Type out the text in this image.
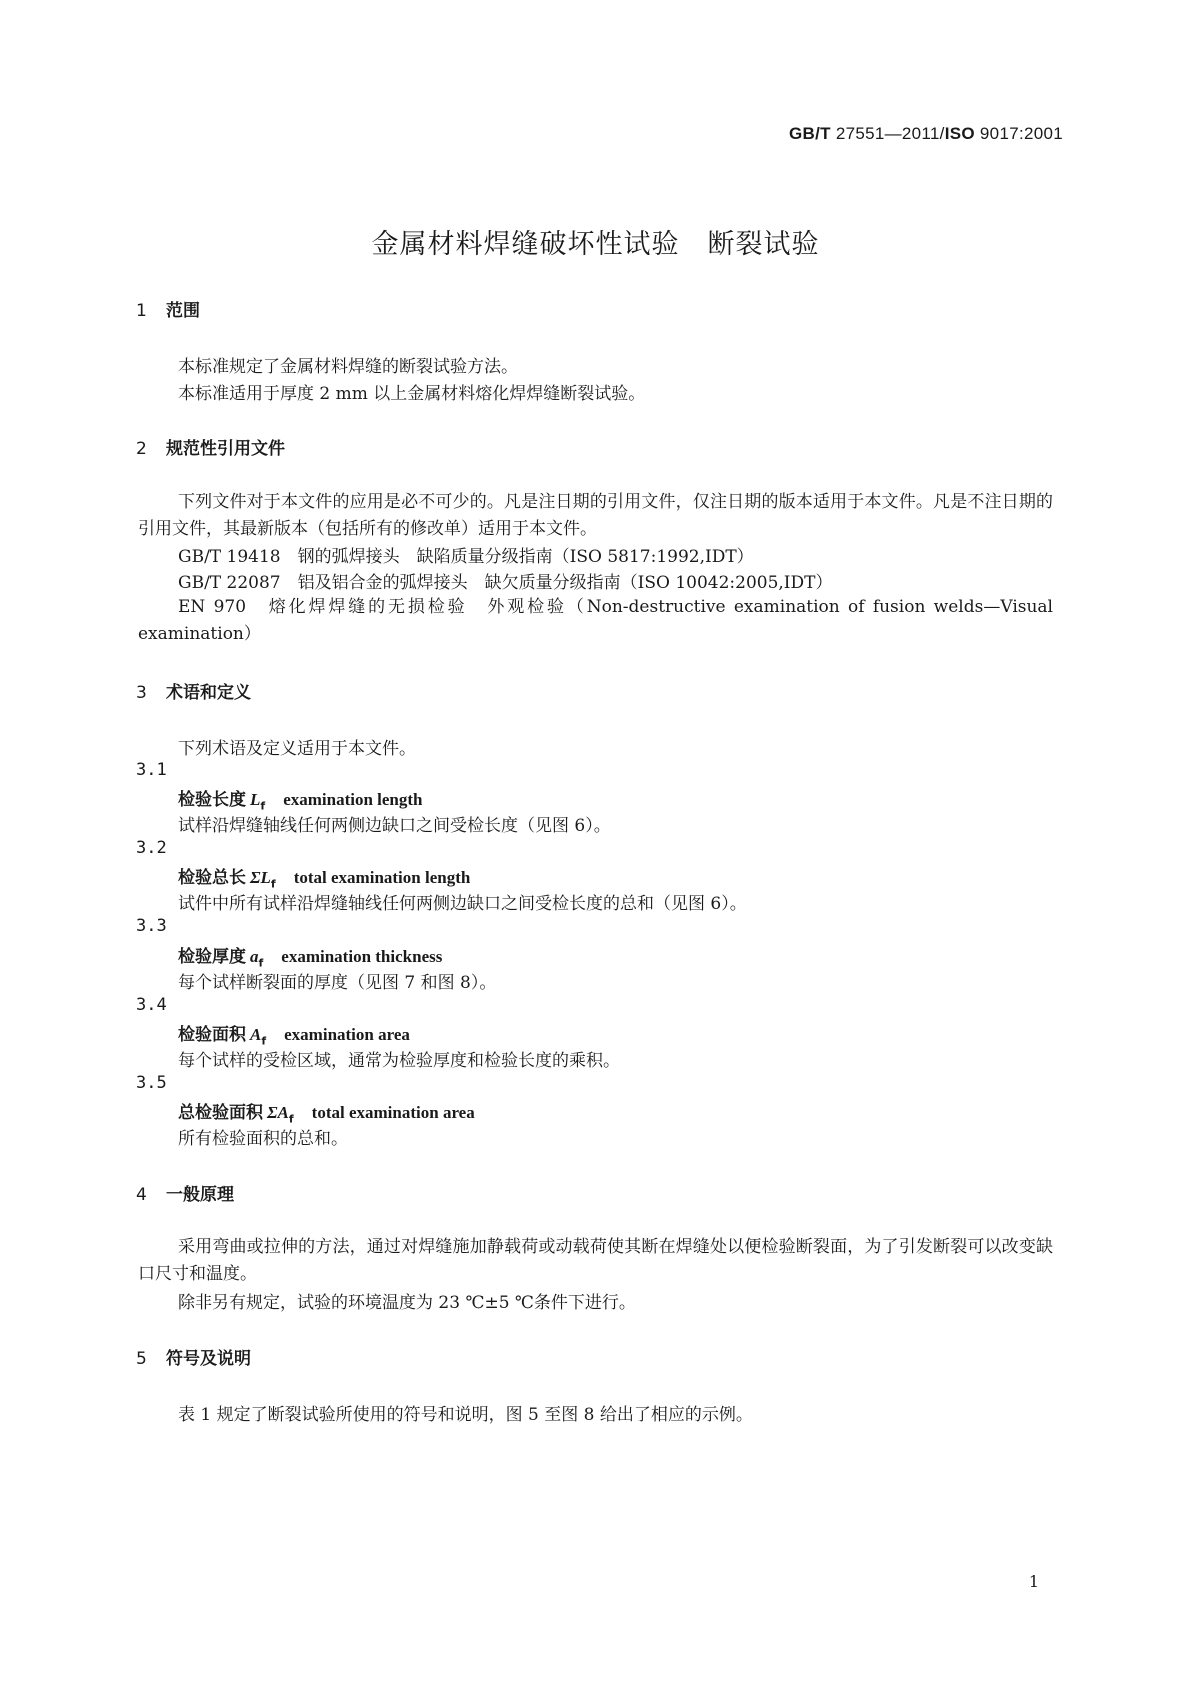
GB/T 27551—2011/ISO 9017:2001
金属材料焊缝破坏性试验　断裂试验
1 范围
本标准规定了金属材料焊缝的断裂试验方法。
本标准适用于厚度 2 mm 以上金属材料熔化焊焊缝断裂试验。
2 规范性引用文件
下列文件对于本文件的应用是必不可少的。凡是注日期的引用文件，仅注日期的版本适用于本文件。凡是不注日期的引用文件，其最新版本（包括所有的修改单）适用于本文件。
GB/T 19418　钢的弧焊接头　缺陷质量分级指南（ISO 5817:1992,IDT）
GB/T 22087　铝及铝合金的弧焊接头　缺欠质量分级指南（ISO 10042:2005,IDT）
EN 970　熔化焊焊缝的无损检验　外观检验（Non-destructive examination of fusion welds—Visual examination）
3 术语和定义
下列术语及定义适用于本文件。
3.1
检验长度 $L_f$ examination length
试样沿焊缝轴线任何两侧边缺口之间受检长度（见图 6）。
3.2
检验总长 $\Sigma L_f$ total examination length
试件中所有试样沿焊缝轴线任何两侧边缺口之间受检长度的总和（见图 6）。
3.3
检验厚度 $a_f$ examination thickness
每个试样断裂面的厚度（见图 7 和图 8）。
3.4
检验面积 $A_f$ examination area
每个试样的受检区域，通常为检验厚度和检验长度的乘积。
3.5
总检验面积 $\Sigma A_f$ total examination area
所有检验面积的总和。
4 一般原理
采用弯曲或拉伸的方法，通过对焊缝施加静载荷或动载荷使其断在焊缝处以便检验断裂面，为了引发断裂可以改变缺口尺寸和温度。
除非另有规定，试验的环境温度为 23 ℃±5 ℃条件下进行。
5 符号及说明
表 1 规定了断裂试验所使用的符号和说明，图 5 至图 8 给出了相应的示例。
1
